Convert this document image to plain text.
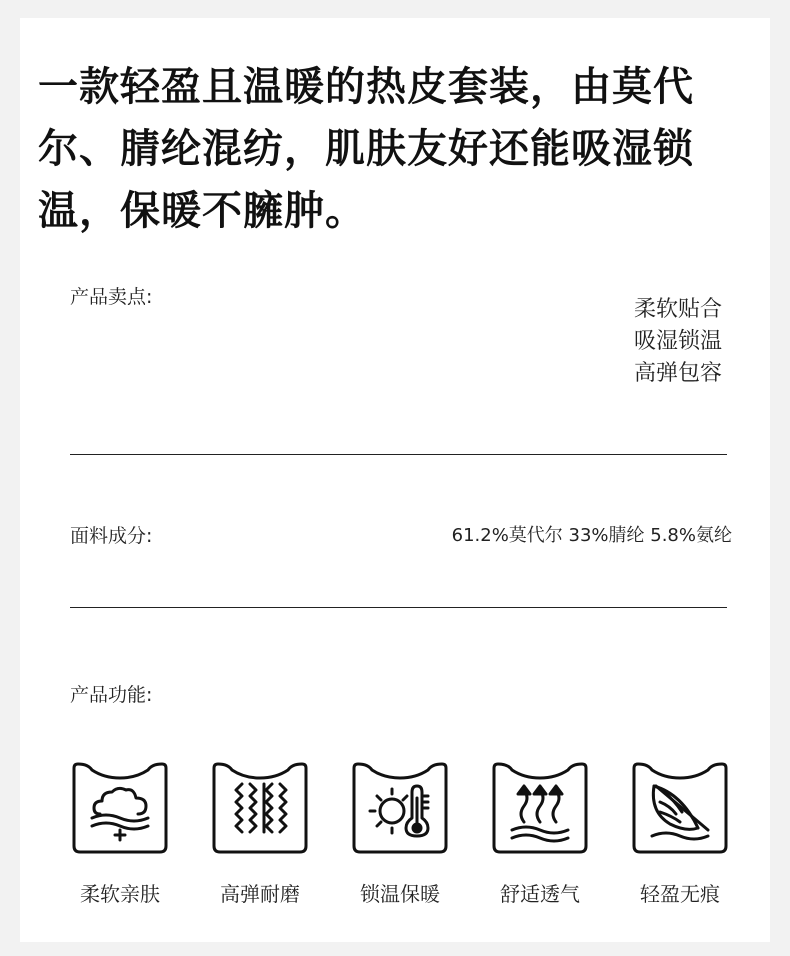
一款轻盈且温暖的热皮套装，由莫代尔、腈纶混纺，肌肤友好还能吸湿锁温，保暖不臃肿。

产品卖点:	柔软贴合
吸湿锁温
高弹包容
面料成分:	61.2%莫代尔 33%腈纶 5.8%氨纶
产品功能:
柔软亲肤	高弹耐磨	锁温保暖	舒适透气	轻盈无痕
